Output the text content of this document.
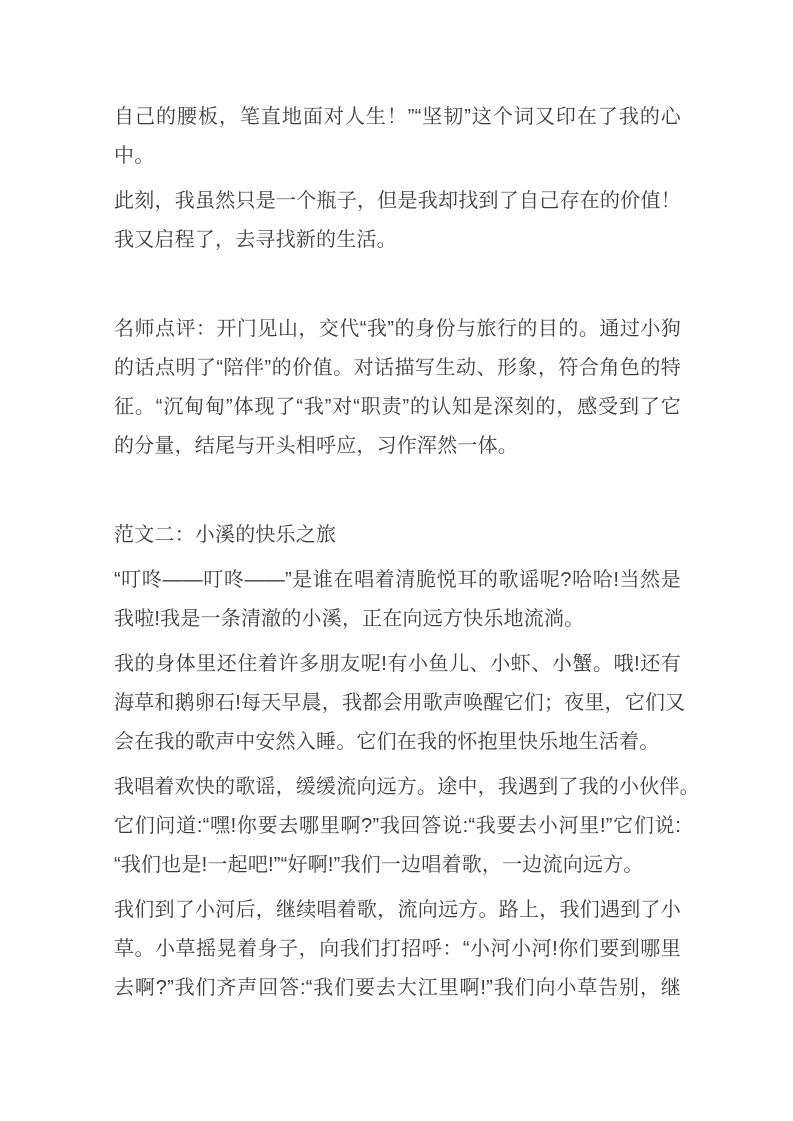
自己的腰板，笔直地面对人生！”“坚韧”这个词又印在了我的心
中。
此刻，我虽然只是一个瓶子，但是我却找到了自己存在的价值！
我又启程了，去寻找新的生活。
名师点评：开门见山，交代“我”的身份与旅行的目的。通过小狗
的话点明了“陪伴”的价值。对话描写生动、形象，符合角色的特
征。“沉甸甸”体现了“我”对“职责”的认知是深刻的，感受到了它
的分量，结尾与开头相呼应，习作浑然一体。
范文二：小溪的快乐之旅
“叮咚——叮咚——”是谁在唱着清脆悦耳的歌谣呢?哈哈!当然是
我啦!我是一条清澈的小溪，正在向远方快乐地流淌。
我的身体里还住着许多朋友呢!有小鱼儿、小虾、小蟹。哦!还有
海草和鹅卵石!每天早晨，我都会用歌声唤醒它们；夜里，它们又
会在我的歌声中安然入睡。它们在我的怀抱里快乐地生活着。
我唱着欢快的歌谣，缓缓流向远方。途中，我遇到了我的小伙伴。
它们问道:“嘿!你要去哪里啊?”我回答说:“我要去小河里!”它们说:
“我们也是!一起吧!”“好啊!”我们一边唱着歌，一边流向远方。
我们到了小河后，继续唱着歌，流向远方。路上，我们遇到了小
草。小草摇晃着身子，向我们打招呼：“小河小河!你们要到哪里
去啊?”我们齐声回答:“我们要去大江里啊!”我们向小草告别，继
